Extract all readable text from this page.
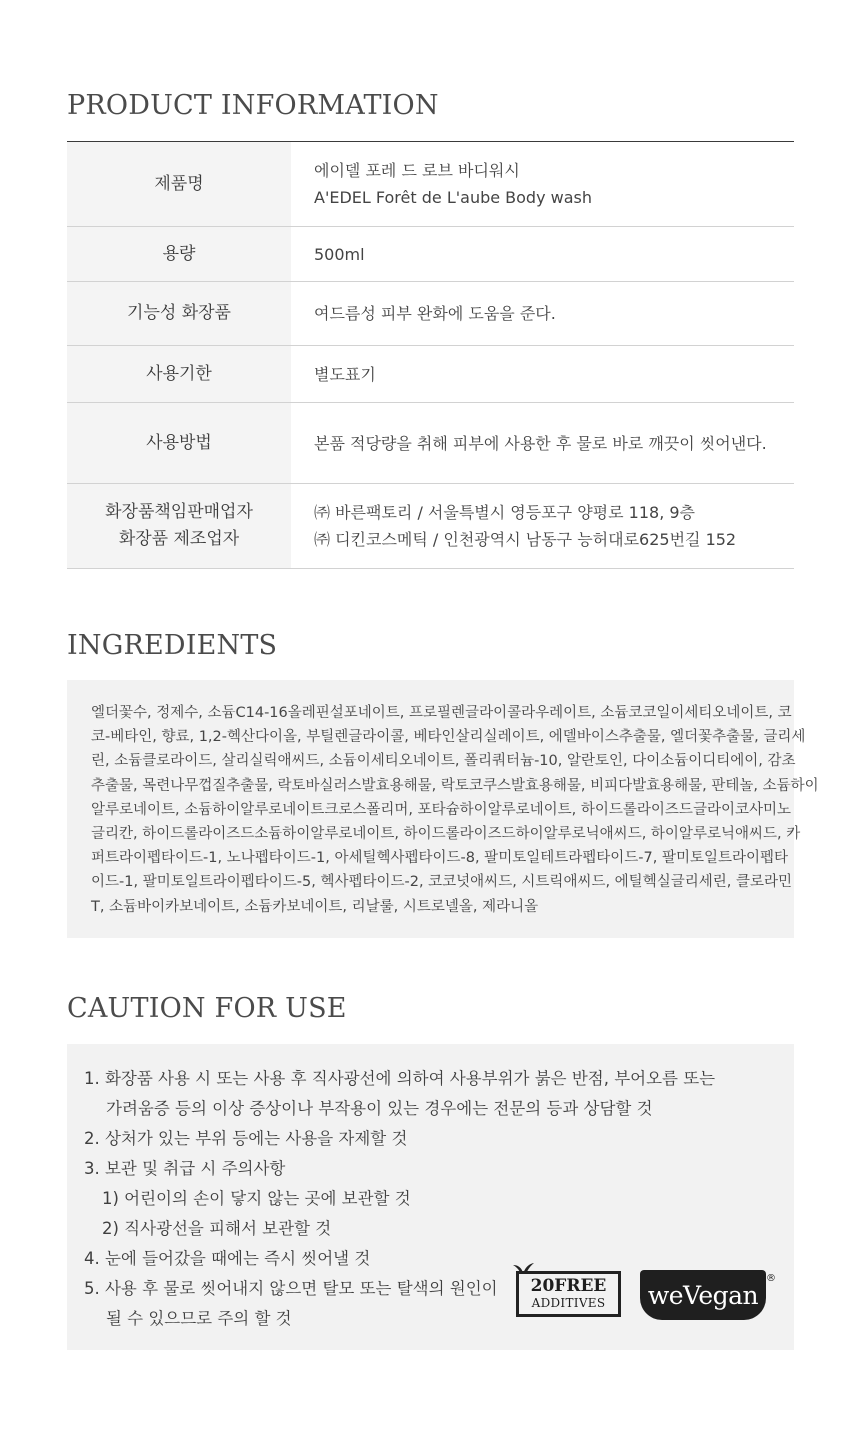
PRODUCT INFORMATION
제품명	에이델 포레 드 로브 바디워시
A'EDEL Forêt de L'aube Body wash

용량	500ml
기능성 화장품	여드름성 피부 완화에 도움을 준다.
사용기한	별도표기
사용방법	본품 적당량을 취해 피부에 사용한 후 물로 바로 깨끗이 씻어낸다.

화장품책임판매업자
화장품 제조업자	㈜ 바른팩토리 / 서울특별시 영등포구 양평로 118, 9층
㈜ 디킨코스메틱 / 인천광역시 남동구 능허대로625번길 152
INGREDIENTS
엘더꽃수, 정제수, 소듐C14-16올레핀설포네이트, 프로필렌글라이콜라우레이트, 소듐코코일이세티오네이트, 코
코-베타인, 향료, 1,2-헥산다이올, 부틸렌글라이콜, 베타인살리실레이트, 에델바이스추출물, 엘더꽃추출물, 글리세
린, 소듐클로라이드, 살리실릭애씨드, 소듐이세티오네이트, 폴리쿼터늄-10, 알란토인, 다이소듐이디티에이, 감초
추출물, 목련나무껍질추출물, 락토바실러스발효용해물, 락토코쿠스발효용해물, 비피다발효용해물, 판테놀, 소듐하이
알루로네이트, 소듐하이알루로네이트크로스폴리머, 포타슘하이알루로네이트, 하이드롤라이즈드글라이코사미노
글리칸, 하이드롤라이즈드소듐하이알루로네이트, 하이드롤라이즈드하이알루로닉애씨드, 하이알루로닉애씨드, 카
퍼트라이펩타이드-1, 노나펩타이드-1, 아세틸헥사펩타이드-8, 팔미토일테트라펩타이드-7, 팔미토일트라이펩타
이드-1, 팔미토일트라이펩타이드-5, 헥사펩타이드-2, 코코넛애씨드, 시트릭애씨드, 에틸헥실글리세린, 클로라민
T, 소듐바이카보네이트, 소듐카보네이트, 리날룰, 시트로넬올, 제라니올
CAUTION FOR USE
1. 화장품 사용 시 또는 사용 후 직사광선에 의하여 사용부위가 붉은 반점, 부어오름 또는
가려움증 등의 이상 증상이나 부작용이 있는 경우에는 전문의 등과 상담할 것
2. 상처가 있는 부위 등에는 사용을 자제할 것
3. 보관 및 취급 시 주의사항
1) 어린이의 손이 닿지 않는 곳에 보관할 것
2) 직사광선을 피해서 보관할 것
4. 눈에 들어갔을 때에는 즉시 씻어낼 것
5. 사용 후 물로 씻어내지 않으면 탈모 또는 탈색의 원인이
될 수 있으므로 주의 할 것
20FREE
ADDITIVES	weVegan
®
